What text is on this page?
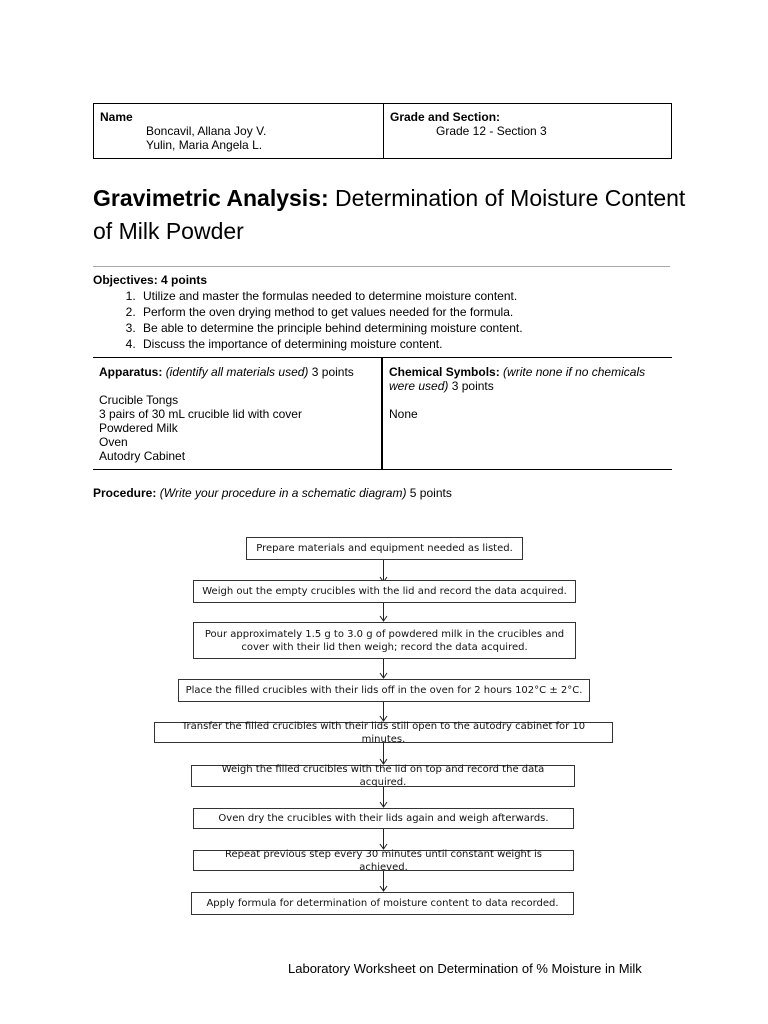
Name
Boncavil, Allana Joy V.
Yulin, Maria Angela L.
Grade and Section:
Grade 12 - Section 3
Gravimetric Analysis: Determination of Moisture Content of Milk Powder
Objectives: 4 points
1. Utilize and master the formulas needed to determine moisture content.
2. Perform the oven drying method to get values needed for the formula.
3. Be able to determine the principle behind determining moisture content.
4. Discuss the importance of determining moisture content.
Apparatus: (identify all materials used) 3 points
Crucible Tongs
3 pairs of 30 mL crucible lid with cover
Powdered Milk
Oven
Autodry Cabinet
Chemical Symbols: (write none if no chemicals were used) 3 points
None
Procedure: (Write your procedure in a schematic diagram) 5 points
Prepare materials and equipment needed as listed.
Weigh out the empty crucibles with the lid and record the data acquired.
Pour approximately 1.5 g to 3.0 g of powdered milk in the crucibles and cover with their lid then weigh; record the data acquired.
Place the filled crucibles with their lids off in the oven for 2 hours 102°C ± 2°C.
Transfer the filled crucibles with their lids still open to the autodry cabinet for 10 minutes.
Weigh the filled crucibles with the lid on top and record the data acquired.
Oven dry the crucibles with their lids again and weigh afterwards.
Repeat previous step every 30 minutes until constant weight is achieved.
Apply formula for determination of moisture content to data recorded.
Laboratory Worksheet on Determination of % Moisture in Milk
